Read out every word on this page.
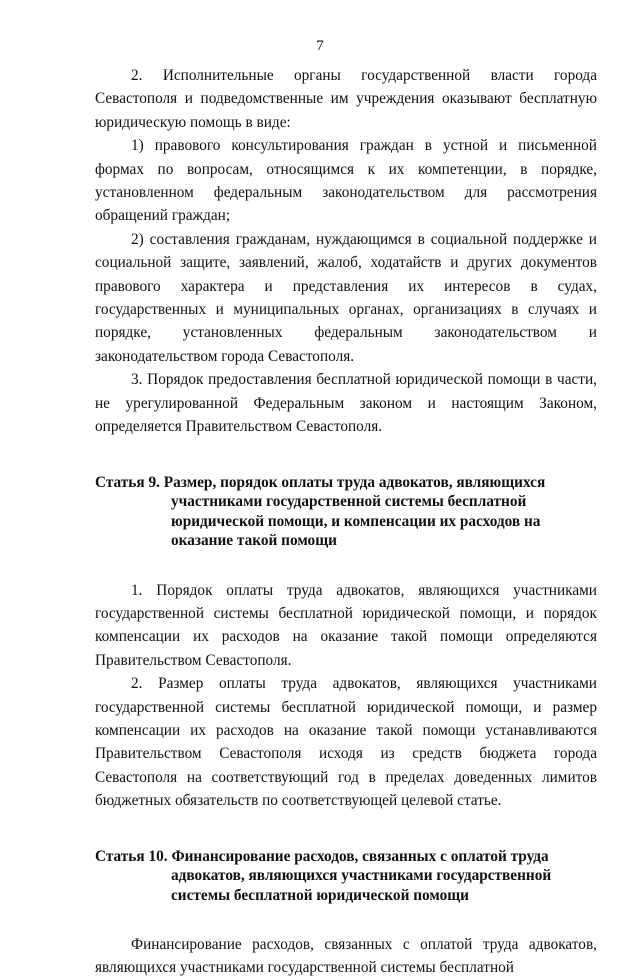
7

2. Исполнительные органы государственной власти города Севастополя и подведомственные им учреждения оказывают бесплатную юридическую помощь в виде:

1) правового консультирования граждан в устной и письменной формах по вопросам, относящимся к их компетенции, в порядке, установленном федеральным законодательством для рассмотрения обращений граждан;

2) составления гражданам, нуждающимся в социальной поддержке и социальной защите, заявлений, жалоб, ходатайств и других документов правового характера и представления их интересов в судах, государственных и муниципальных органах, организациях в случаях и порядке, установленных федеральным законодательством и законодательством города Севастополя.

3. Порядок предоставления бесплатной юридической помощи в части, не урегулированной Федеральным законом и настоящим Законом, определяется Правительством Севастополя.

Статья 9. Размер, порядок оплаты труда адвокатов, являющихся участниками государственной системы бесплатной юридической помощи, и компенсации их расходов на оказание такой помощи

1. Порядок оплаты труда адвокатов, являющихся участниками государственной системы бесплатной юридической помощи, и порядок компенсации их расходов на оказание такой помощи определяются Правительством Севастополя.

2. Размер оплаты труда адвокатов, являющихся участниками государственной системы бесплатной юридической помощи, и размер компенсации их расходов на оказание такой помощи устанавливаются Правительством Севастополя исходя из средств бюджета города Севастополя на соответствующий год в пределах доведенных лимитов бюджетных обязательств по соответствующей целевой статье.

Статья 10. Финансирование расходов, связанных с оплатой труда адвокатов, являющихся участниками государственной системы бесплатной юридической помощи

Финансирование расходов, связанных с оплатой труда адвокатов, являющихся участниками государственной системы бесплатной
